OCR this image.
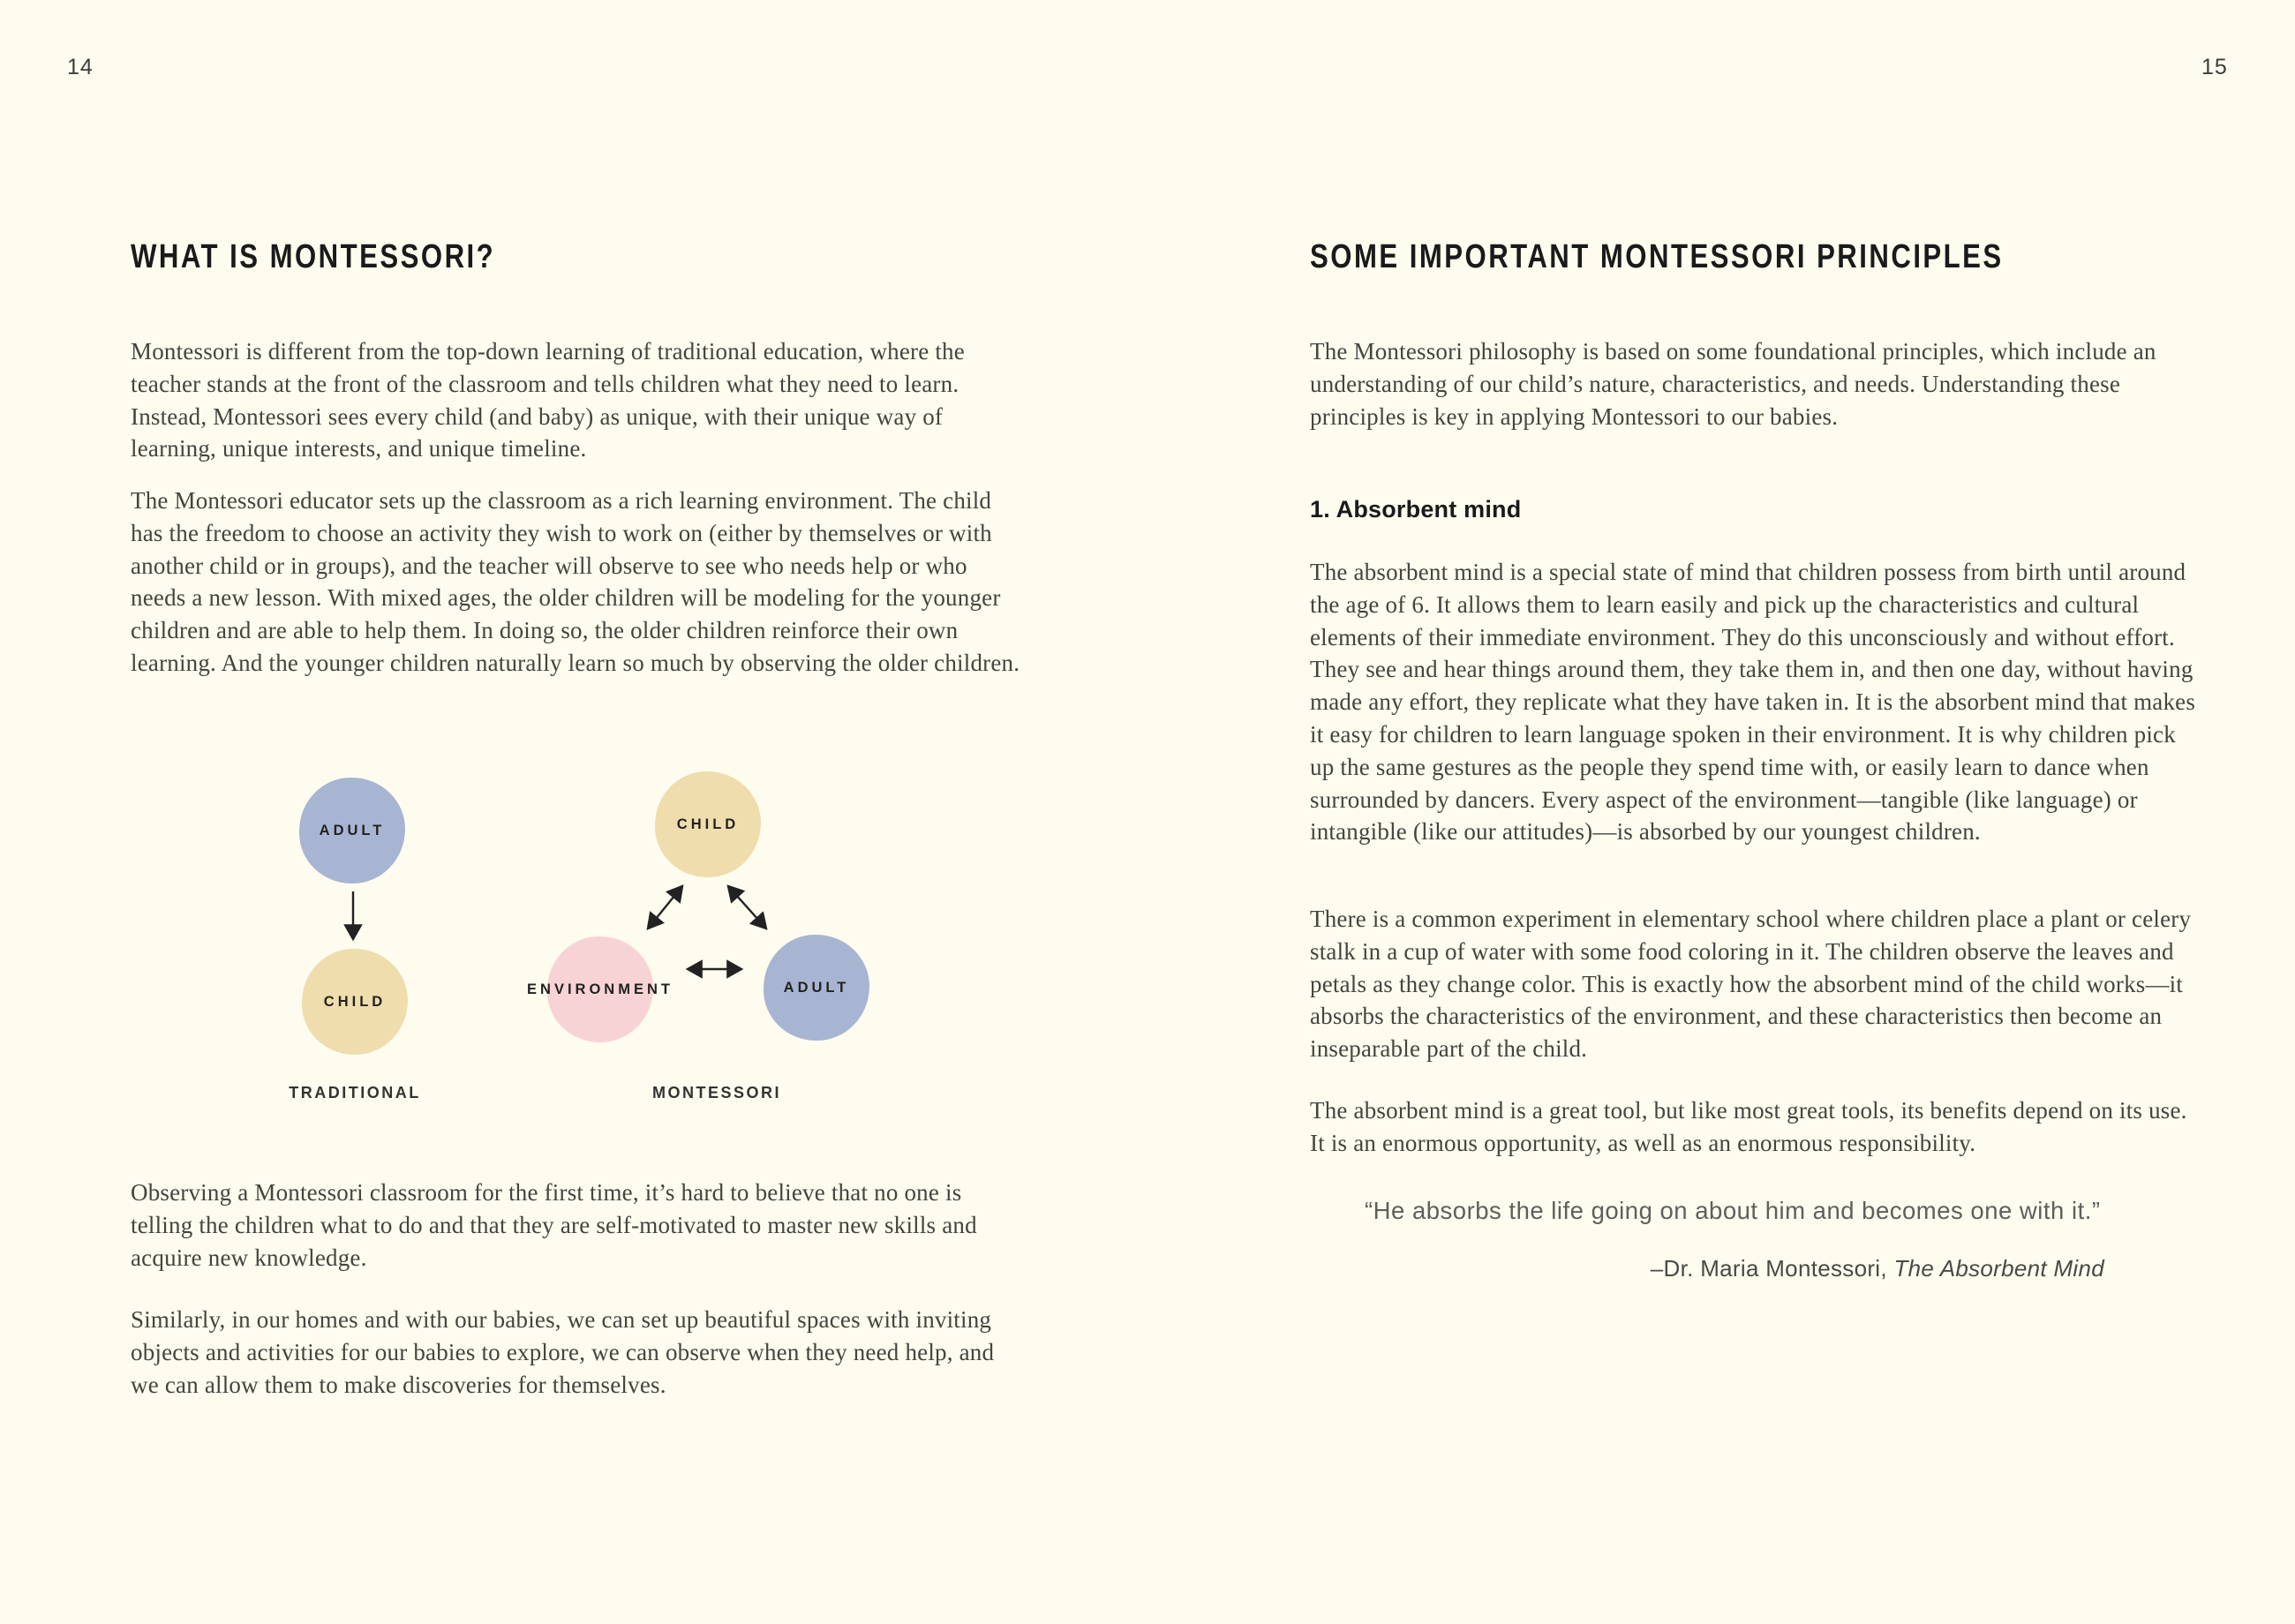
14	15
WHAT IS MONTESSORI?
Montessori is different from the top-down learning of traditional education, where the teacher stands at the front of the classroom and tells children what they need to learn. Instead, Montessori sees every child (and baby) as unique, with their unique way of learning, unique interests, and unique timeline.
The Montessori educator sets up the classroom as a rich learning environment. The child has the freedom to choose an activity they wish to work on (either by themselves or with another child or in groups), and the teacher will observe to see who needs help or who needs a new lesson. With mixed ages, the older children will be modeling for the younger children and are able to help them. In doing so, the older children reinforce their own learning. And the younger children naturally learn so much by observing the older children.
ADULT
CHILD
TRADITIONAL
CHILD
ENVIRONMENT	ADULT
MONTESSORI
Observing a Montessori classroom for the first time, it’s hard to believe that no one is telling the children what to do and that they are self-motivated to master new skills and acquire new knowledge.
Similarly, in our homes and with our babies, we can set up beautiful spaces with inviting objects and activities for our babies to explore, we can observe when they need help, and we can allow them to make discoveries for themselves.
SOME IMPORTANT MONTESSORI PRINCIPLES
The Montessori philosophy is based on some foundational principles, which include an understanding of our child’s nature, characteristics, and needs. Understanding these principles is key in applying Montessori to our babies.
1. Absorbent mind
The absorbent mind is a special state of mind that children possess from birth until around the age of 6. It allows them to learn easily and pick up the characteristics and cultural elements of their immediate environment. They do this unconsciously and without effort. They see and hear things around them, they take them in, and then one day, without having made any effort, they replicate what they have taken in. It is the absorbent mind that makes it easy for children to learn language spoken in their environment. It is why children pick up the same gestures as the people they spend time with, or easily learn to dance when surrounded by dancers. Every aspect of the environment—tangible (like language) or intangible (like our attitudes)—is absorbed by our youngest children.
There is a common experiment in elementary school where children place a plant or celery stalk in a cup of water with some food coloring in it. The children observe the leaves and petals as they change color. This is exactly how the absorbent mind of the child works—it absorbs the characteristics of the environment, and these characteristics then become an inseparable part of the child.
The absorbent mind is a great tool, but like most great tools, its benefits depend on its use. It is an enormous opportunity, as well as an enormous responsibility.
“He absorbs the life going on about him and becomes one with it.”
–Dr. Maria Montessori, The Absorbent Mind
